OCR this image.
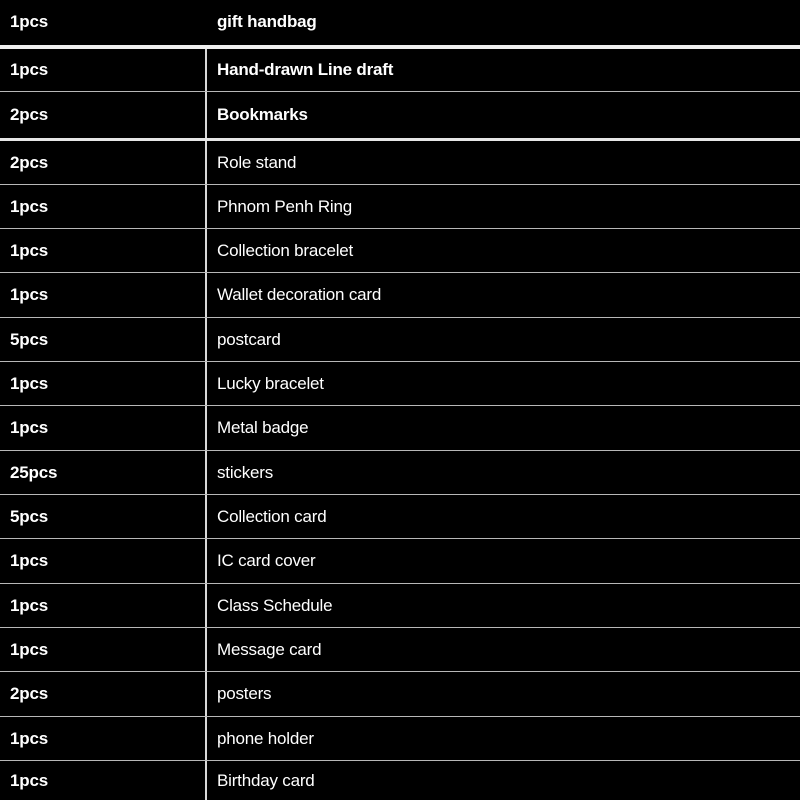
1pcs	gift handbag
1pcs	Hand-drawn Line draft
2pcs	Bookmarks
2pcs	Role stand
1pcs	Phnom Penh Ring
1pcs	Collection bracelet
1pcs	Wallet decoration card
5pcs	postcard
1pcs	Lucky bracelet
1pcs	Metal badge
25pcs	stickers
5pcs	Collection card
1pcs	IC card cover
1pcs	Class Schedule
1pcs	Message card
2pcs	posters
1pcs	phone holder
1pcs	Birthday card
